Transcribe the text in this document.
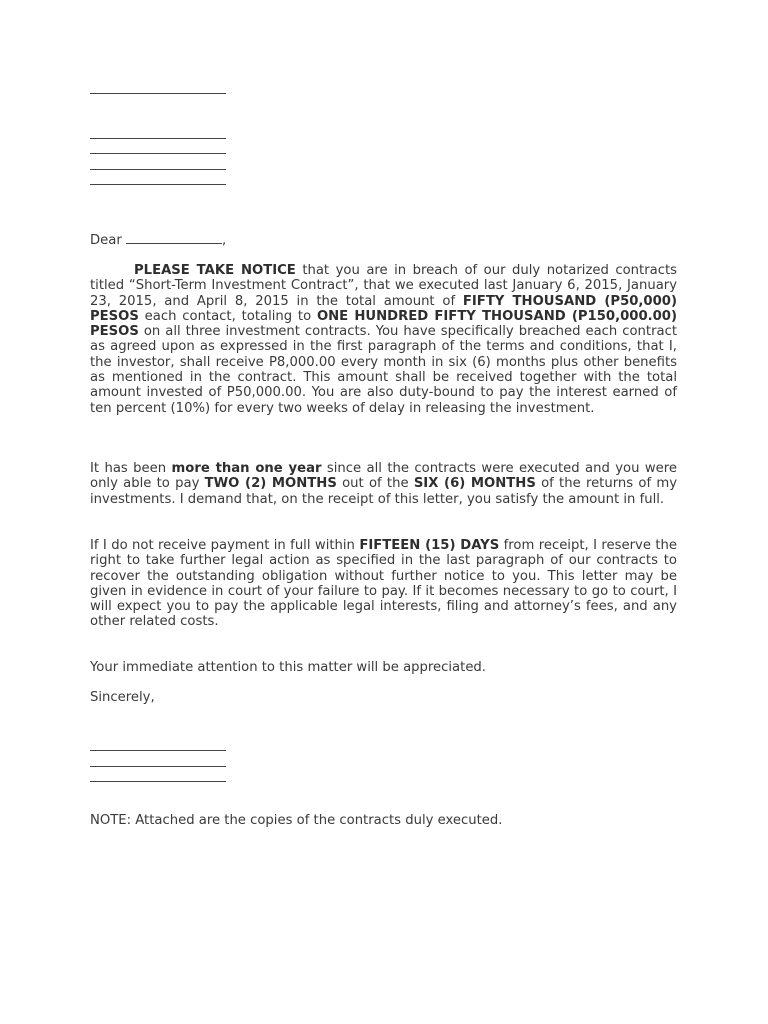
Dear	,

PLEASE TAKE NOTICE that you are in breach of our duly notarized contracts titled “Short-Term Investment Contract”, that we executed last January 6, 2015, January 23, 2015, and April 8, 2015 in the total amount of FIFTY THOUSAND (P50,000) PESOS each contact, totaling to ONE HUNDRED FIFTY THOUSAND (P150,000.00) PESOS on all three investment contracts. You have specifically breached each contract as agreed upon as expressed in the first paragraph of the terms and conditions, that I, the investor, shall receive P8,000.00 every month in six (6) months plus other benefits as mentioned in the contract. This amount shall be received together with the total amount invested of P50,000.00. You are also duty-bound to pay the interest earned of ten percent (10%) for every two weeks of delay in releasing the investment.

It has been more than one year since all the contracts were executed and you were only able to pay TWO (2) MONTHS out of the SIX (6) MONTHS of the returns of my investments. I demand that, on the receipt of this letter, you satisfy the amount in full.

If I do not receive payment in full within FIFTEEN (15) DAYS from receipt, I reserve the right to take further legal action as specified in the last paragraph of our contracts to recover the outstanding obligation without further notice to you. This letter may be given in evidence in court of your failure to pay. If it becomes necessary to go to court, I will expect you to pay the applicable legal interests, filing and attorney’s fees, and any other related costs.

Your immediate attention to this matter will be appreciated.
Sincerely,
NOTE: Attached are the copies of the contracts duly executed.
